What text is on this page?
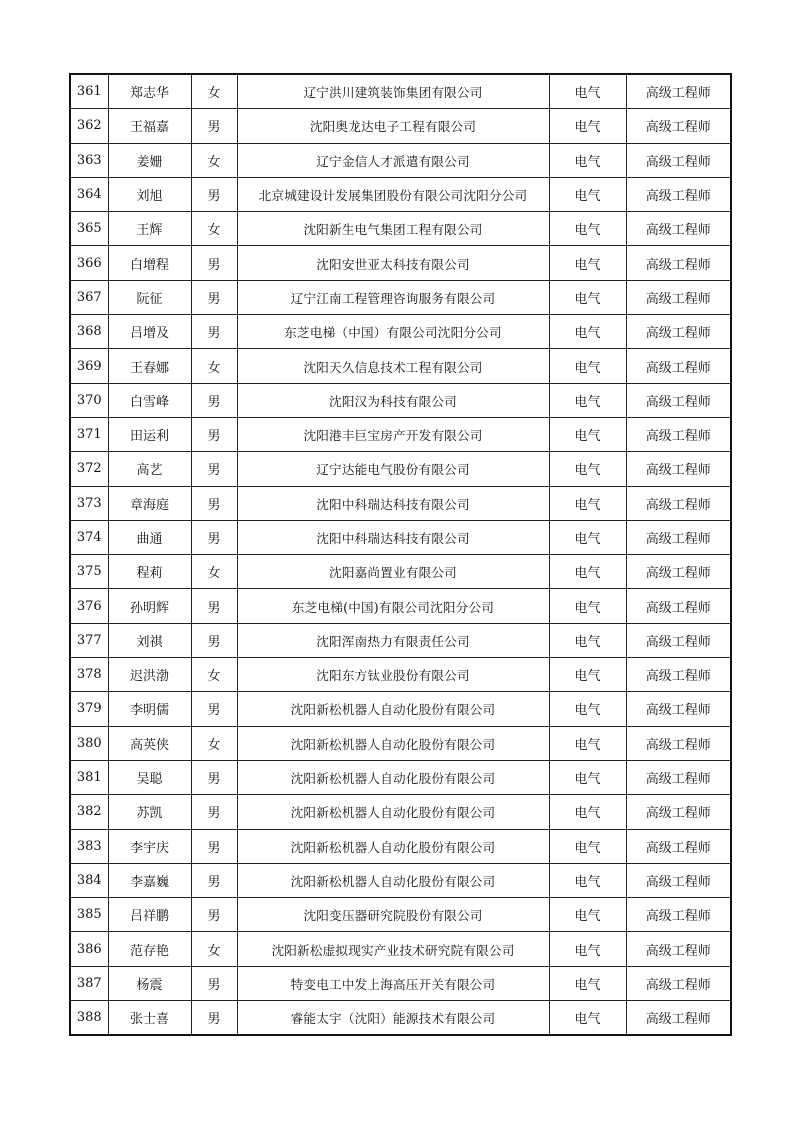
361	郑志华	女	辽宁洪川建筑装饰集团有限公司	电气	高级工程师
362	王福嘉	男	沈阳奥龙达电子工程有限公司	电气	高级工程师
363	姜姗	女	辽宁金信人才派遣有限公司	电气	高级工程师
364	刘旭	男	北京城建设计发展集团股份有限公司沈阳分公司	电气	高级工程师
365	王辉	女	沈阳新生电气集团工程有限公司	电气	高级工程师
366	白增程	男	沈阳安世亚太科技有限公司	电气	高级工程师
367	阮征	男	辽宁江南工程管理咨询服务有限公司	电气	高级工程师
368	吕增及	男	东芝电梯（中国）有限公司沈阳分公司	电气	高级工程师
369	王春娜	女	沈阳天久信息技术工程有限公司	电气	高级工程师
370	白雪峰	男	沈阳汉为科技有限公司	电气	高级工程师
371	田运利	男	沈阳港丰巨宝房产开发有限公司	电气	高级工程师
372	高艺	男	辽宁达能电气股份有限公司	电气	高级工程师
373	章海庭	男	沈阳中科瑞达科技有限公司	电气	高级工程师
374	曲通	男	沈阳中科瑞达科技有限公司	电气	高级工程师
375	程莉	女	沈阳嘉尚置业有限公司	电气	高级工程师
376	孙明辉	男	东芝电梯(中国)有限公司沈阳分公司	电气	高级工程师
377	刘祺	男	沈阳浑南热力有限责任公司	电气	高级工程师
378	迟洪渤	女	沈阳东方钛业股份有限公司	电气	高级工程师
379	李明儒	男	沈阳新松机器人自动化股份有限公司	电气	高级工程师
380	高英侠	女	沈阳新松机器人自动化股份有限公司	电气	高级工程师
381	吴聪	男	沈阳新松机器人自动化股份有限公司	电气	高级工程师
382	苏凯	男	沈阳新松机器人自动化股份有限公司	电气	高级工程师
383	李宇庆	男	沈阳新松机器人自动化股份有限公司	电气	高级工程师
384	李嘉巍	男	沈阳新松机器人自动化股份有限公司	电气	高级工程师
385	吕祥鹏	男	沈阳变压器研究院股份有限公司	电气	高级工程师
386	范存艳	女	沈阳新松虚拟现实产业技术研究院有限公司	电气	高级工程师
387	杨震	男	特变电工中发上海高压开关有限公司	电气	高级工程师
388	张士喜	男	睿能太宇（沈阳）能源技术有限公司	电气	高级工程师
